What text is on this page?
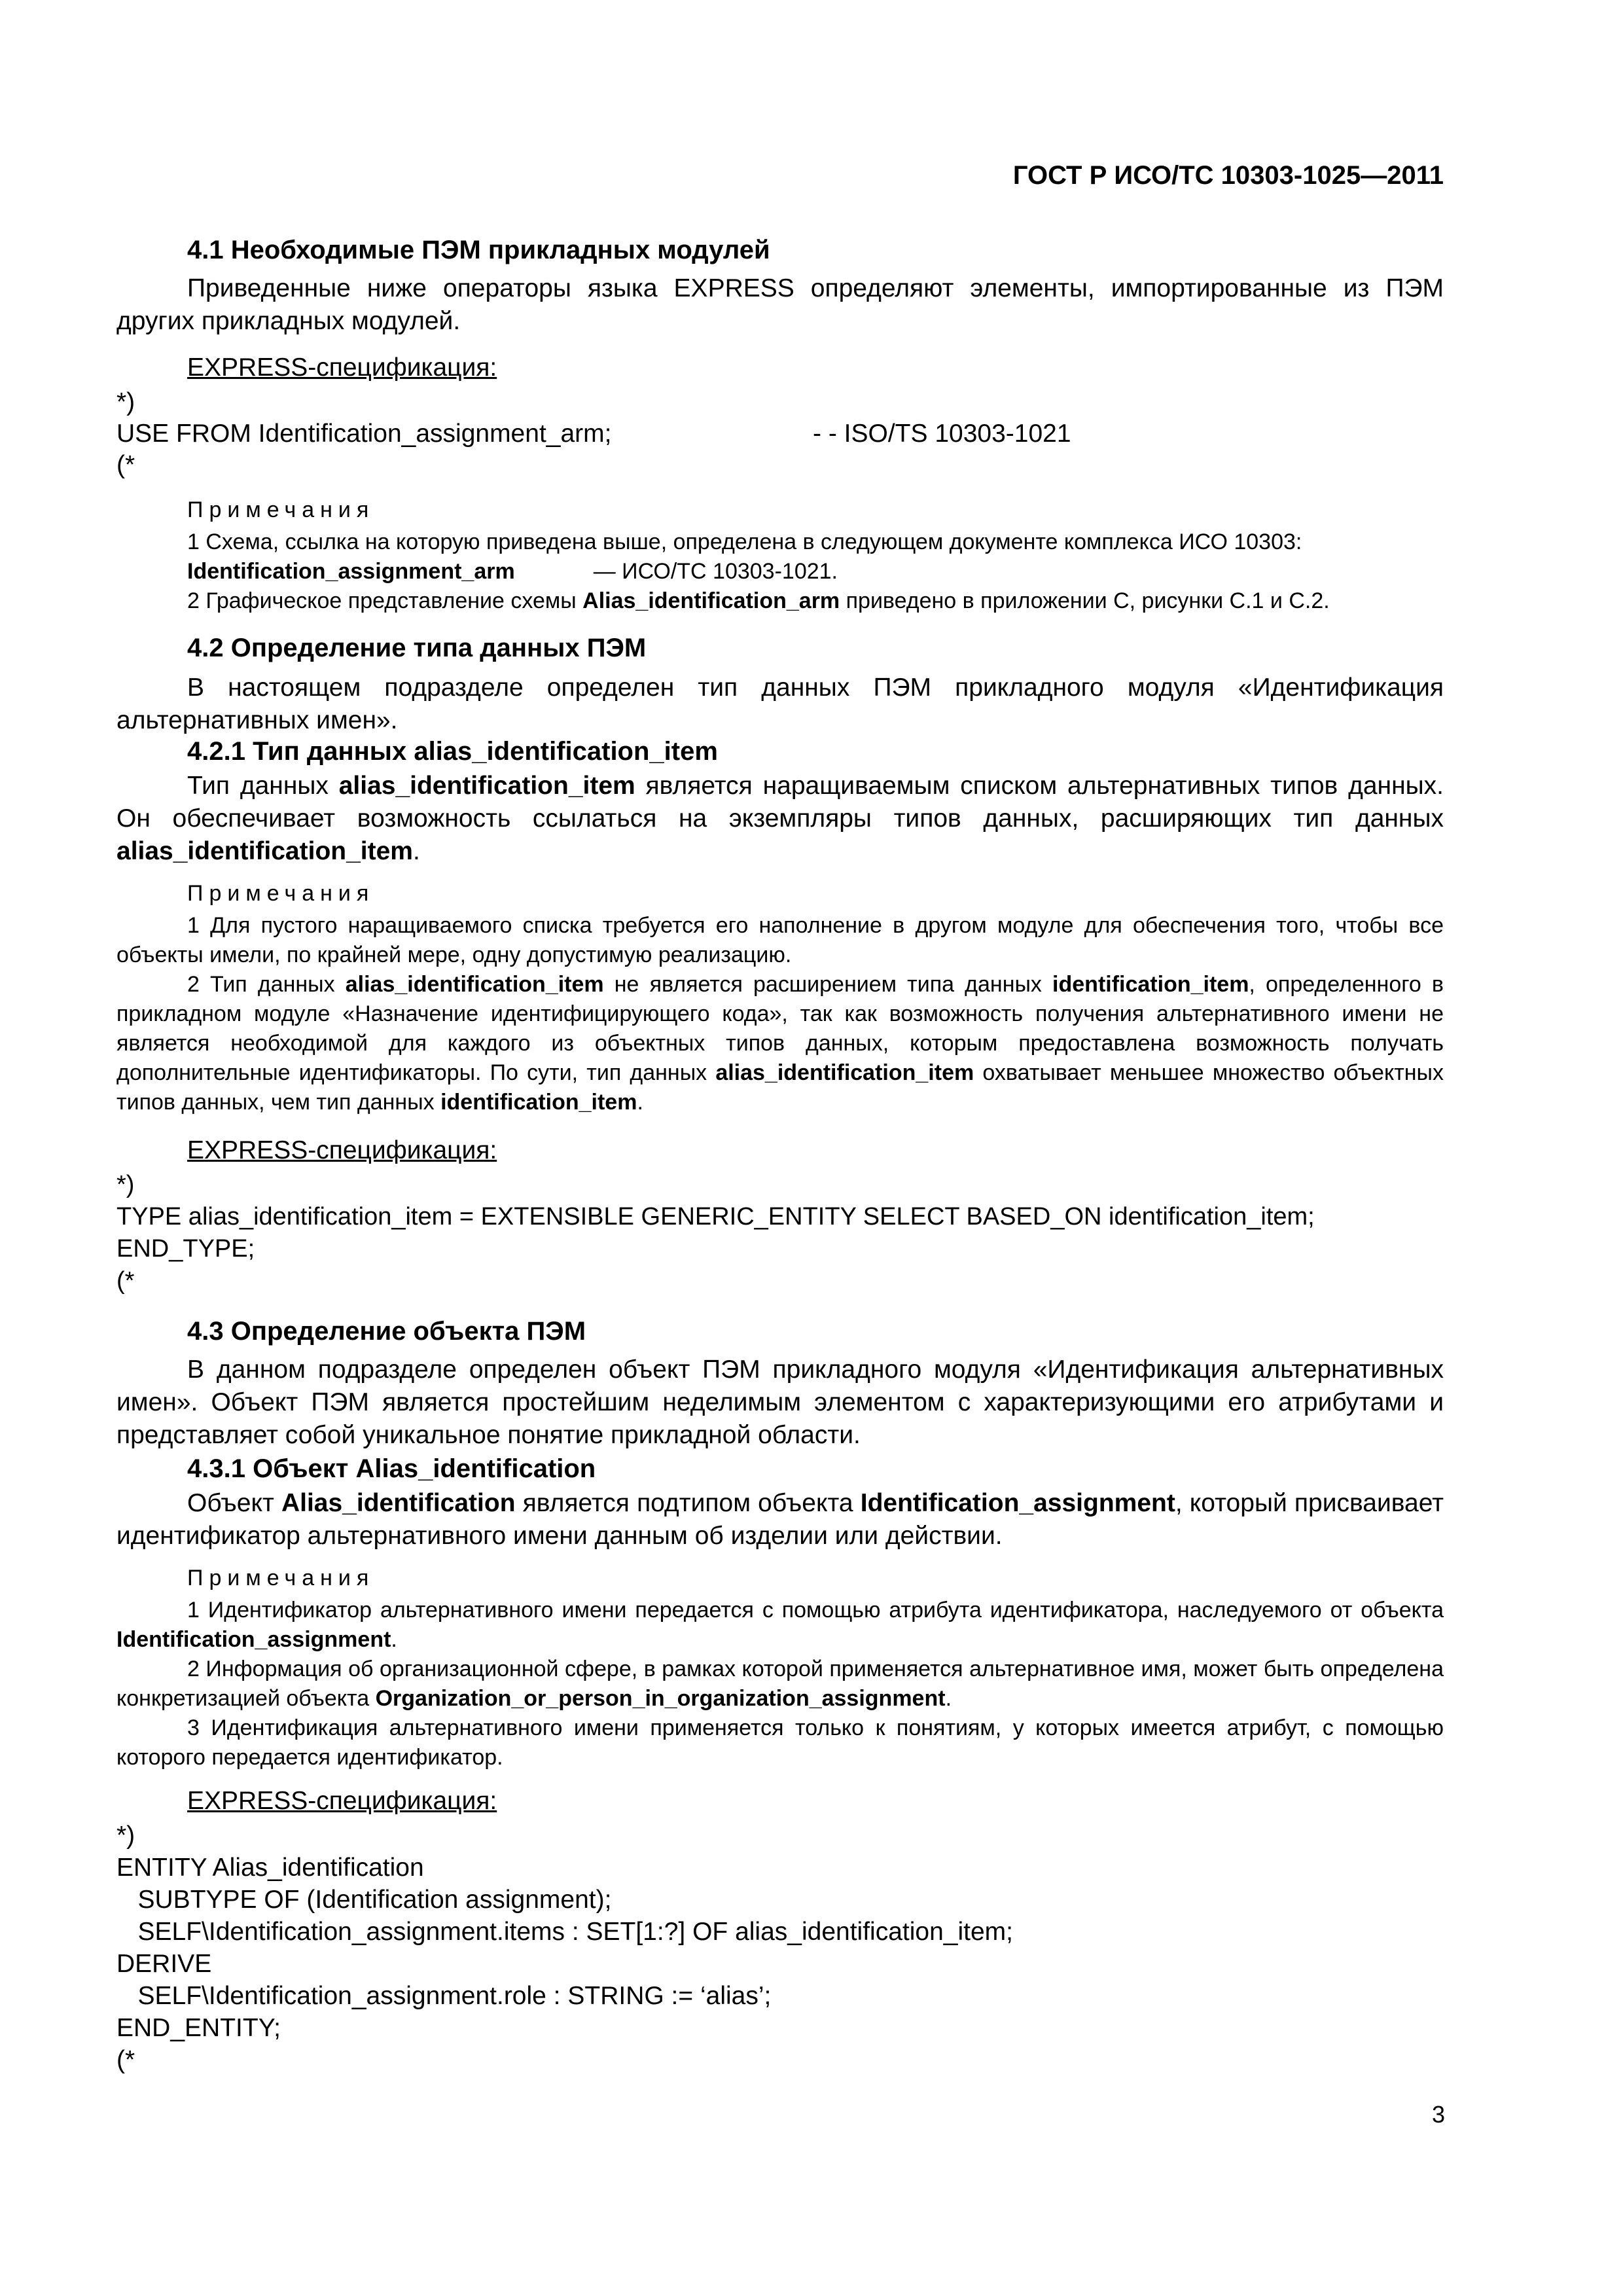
ГОСТ Р ИСО/ТС 10303-1025—2011
4.1 Необходимые ПЭМ прикладных модулей
Приведенные ниже операторы языка EXPRESS определяют элементы, импортированные из ПЭМ других прикладных модулей.
EXPRESS-спецификация:
*)
USE FROM Identification_assignment_arm;	- - ISO/TS 10303-1021
(*
Примечания
1 Схема, ссылка на которую приведена выше, определена в следующем документе комплекса ИСО 10303:
Identification_assignment_arm	— ИСО/ТС 10303-1021.
2 Графическое представление схемы Alias_identification_arm приведено в приложении С, рисунки С.1 и С.2.
4.2 Определение типа данных ПЭМ
В настоящем подразделе определен тип данных ПЭМ прикладного модуля «Идентификация альтернативных имен».
4.2.1 Тип данных alias_identification_item
Тип данных alias_identification_item является наращиваемым списком альтернативных типов данных. Он обеспечивает возможность ссылаться на экземпляры типов данных, расширяющих тип данных alias_identification_item.
Примечания
1 Для пустого наращиваемого списка требуется его наполнение в другом модуле для обеспечения того, чтобы все объекты имели, по крайней мере, одну допустимую реализацию.
2 Тип данных alias_identification_item не является расширением типа данных identification_item, определенного в прикладном модуле «Назначение идентифицирующего кода», так как возможность получения альтернативного имени не является необходимой для каждого из объектных типов данных, которым предоставлена возможность получать дополнительные идентификаторы. По сути, тип данных alias_identification_item охватывает меньшее множество объектных типов данных, чем тип данных identification_item.
EXPRESS-спецификация:
*)
TYPE alias_identification_item = EXTENSIBLE GENERIC_ENTITY SELECT BASED_ON identification_item;
END_TYPE;
(*
4.3 Определение объекта ПЭМ
В данном подразделе определен объект ПЭМ прикладного модуля «Идентификация альтернативных имен». Объект ПЭМ является простейшим неделимым элементом с характеризующими его атрибутами и представляет собой уникальное понятие прикладной области.
4.3.1 Объект Alias_identification
Объект Alias_identification является подтипом объекта Identification_assignment, который присваивает идентификатор альтернативного имени данным об изделии или действии.
Примечания
1 Идентификатор альтернативного имени передается с помощью атрибута идентификатора, наследуемого от объекта Identification_assignment.
2 Информация об организационной сфере, в рамках которой применяется альтернативное имя, может быть определена конкретизацией объекта Organization_or_person_in_organization_assignment.
3 Идентификация альтернативного имени применяется только к понятиям, у которых имеется атрибут, с помощью которого передается идентификатор.
EXPRESS-спецификация:
*)
ENTITY Alias_identification
SUBTYPE OF (Identification assignment);
SELF\Identification_assignment.items : SET[1:?] OF alias_identification_item;
DERIVE
SELF\Identification_assignment.role : STRING := ‘alias’;
END_ENTITY;
(*
3
